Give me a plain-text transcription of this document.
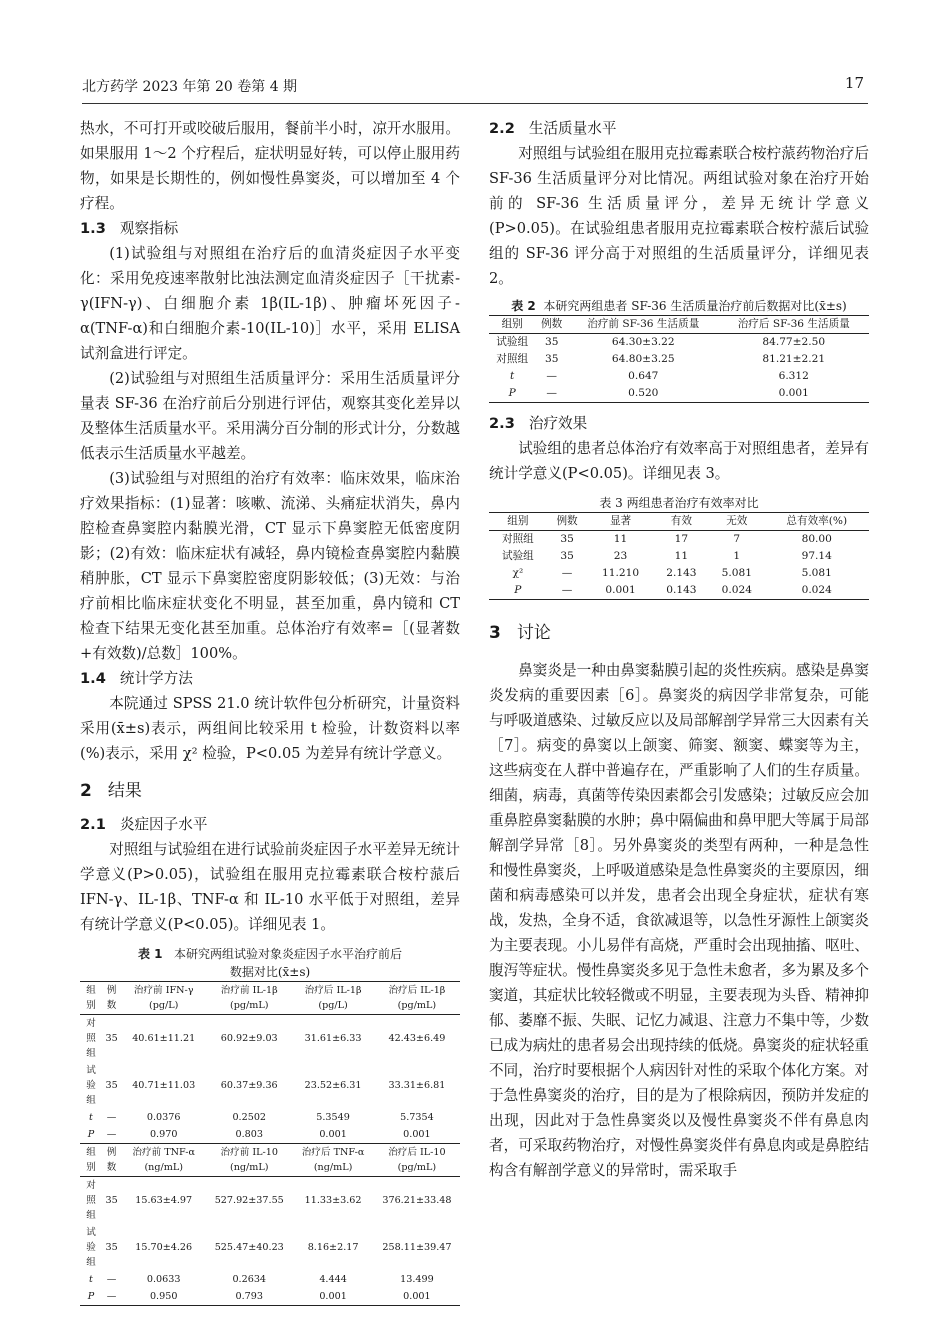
北方药学 2023 年第 20 卷第 4 期	17

热水，不可打开或咬破后服用，餐前半小时，凉开水服用。如果服用 1～2 个疗程后，症状明显好转，可以停止服用药物，如果是长期性的，例如慢性鼻窦炎，可以增加至 4 个疗程。

1.3 观察指标

(1)试验组与对照组在治疗后的血清炎症因子水平变化：采用免疫速率散射比浊法测定血清炎症因子［干扰素-γ(IFN-γ)、白细胞介素 1β(IL-1β)、肿瘤坏死因子-α(TNF-α)和白细胞介素-10(IL-10)］水平，采用 ELISA 试剂盒进行评定。

(2)试验组与对照组生活质量评分：采用生活质量评分量表 SF-36 在治疗前后分别进行评估，观察其变化差异以及整体生活质量水平。采用满分百分制的形式计分，分数越低表示生活质量水平越差。

(3)试验组与对照组的治疗有效率：临床效果，临床治疗效果指标：(1)显著：咳嗽、流涕、头痛症状消失，鼻内腔检查鼻窦腔内黏膜光滑，CT 显示下鼻窦腔无低密度阴影；(2)有效：临床症状有减轻，鼻内镜检查鼻窦腔内黏膜稍肿胀，CT 显示下鼻窦腔密度阴影较低；(3)无效：与治疗前相比临床症状变化不明显，甚至加重，鼻内镜和 CT 检查下结果无变化甚至加重。总体治疗有效率=［(显著数+有效数)/总数］100%。

1.4 统计学方法

本院通过 SPSS 21.0 统计软件包分析研究，计量资料采用(x̄±s)表示，两组间比较采用 t 检验，计数资料以率(%)表示，采用 χ² 检验，P<0.05 为差异有统计学意义。

2 结果
2.1 炎症因子水平

对照组与试验组在进行试验前炎症因子水平差异无统计学意义(P>0.05)，试验组在服用克拉霉素联合桉柠蒎后 IFN-γ、IL-1β、TNF-α 和 IL-10 水平低于对照组，差异有统计学意义(P<0.05)。详细见表 1。

表 1 本研究两组试验对象炎症因子水平治疗前后
数据对比(x̄±s)
组别	例数	治疗前 IFN-γ (pg/L)	治疗前 IL-1β (pg/mL)	治疗后 IL-1β (pg/L)	治疗后 IL-1β (pg/mL)
对照组	35	40.61±11.21	60.92±9.03	31.61±6.33	42.43±6.49
试验组	35	40.71±11.03	60.37±9.36	23.52±6.31	33.31±6.81
t	—	0.0376	0.2502	5.3549	5.7354
P	—	0.970	0.803	0.001	0.001
组别	例数	治疗前 TNF-α (ng/mL)	治疗前 IL-10 (ng/mL)	治疗后 TNF-α (ng/mL)	治疗后 IL-10 (pg/mL)
对照组	35	15.63±4.97	527.92±37.55	11.33±3.62	376.21±33.48
试验组	35	15.70±4.26	525.47±40.23	8.16±2.17	258.11±39.47
t	—	0.0633	0.2634	4.444	13.499
P	—	0.950	0.793	0.001	0.001
2.2 生活质量水平

对照组与试验组在服用克拉霉素联合桉柠蒎药物治疗后 SF-36 生活质量评分对比情况。两组试验对象在治疗开始前的 SF-36 生活质量评分，差异无统计学意义(P>0.05)。在试验组患者服用克拉霉素联合桉柠蒎后试验组的 SF-36 评分高于对照组的生活质量评分，详细见表 2。

表 2 本研究两组患者 SF-36 生活质量治疗前后数据对比(x̄±s)
组别	例数	治疗前 SF-36 生活质量	治疗后 SF-36 生活质量
试验组	35	64.30±3.22	84.77±2.50
对照组	35	64.80±3.25	81.21±2.21
t	—	0.647	6.312
P	—	0.520	0.001
2.3 治疗效果

试验组的患者总体治疗有效率高于对照组患者，差异有统计学意义(P<0.05)。详细见表 3。

表 3 两组患者治疗有效率对比
组别	例数	显著	有效	无效	总有效率(%)
对照组	35	11	17	7	80.00
试验组	35	23	11	1	97.14
χ²	—	11.210	2.143	5.081	5.081
P	—	0.001	0.143	0.024	0.024
3 讨论

鼻窦炎是一种由鼻窦黏膜引起的炎性疾病。感染是鼻窦炎发病的重要因素［6］。鼻窦炎的病因学非常复杂，可能与呼吸道感染、过敏反应以及局部解剖学异常三大因素有关［7］。病变的鼻窦以上颌窦、筛窦、额窦、蝶窦等为主，这些病变在人群中普遍存在，严重影响了人们的生存质量。细菌，病毒，真菌等传染因素都会引发感染；过敏反应会加重鼻腔鼻窦黏膜的水肿；鼻中隔偏曲和鼻甲肥大等属于局部解剖学异常［8］。另外鼻窦炎的类型有两种，一种是急性和慢性鼻窦炎，上呼吸道感染是急性鼻窦炎的主要原因，细菌和病毒感染可以并发，患者会出现全身症状，症状有寒战，发热，全身不适，食欲减退等，以急性牙源性上颌窦炎为主要表现。小儿易伴有高烧，严重时会出现抽搐、呕吐、腹泻等症状。慢性鼻窦炎多见于急性未愈者，多为累及多个窦道，其症状比较轻微或不明显，主要表现为头昏、精神抑郁、萎靡不振、失眠、记忆力减退、注意力不集中等，少数已成为病灶的患者易会出现持续的低烧。鼻窦炎的症状轻重不同，治疗时要根据个人病因针对性的采取个体化方案。对于急性鼻窦炎的治疗，目的是为了根除病因，预防并发症的出现，因此对于急性鼻窦炎以及慢性鼻窦炎不伴有鼻息肉者，可采取药物治疗，对慢性鼻窦炎伴有鼻息肉或是鼻腔结构含有解剖学意义的异常时，需采取手
